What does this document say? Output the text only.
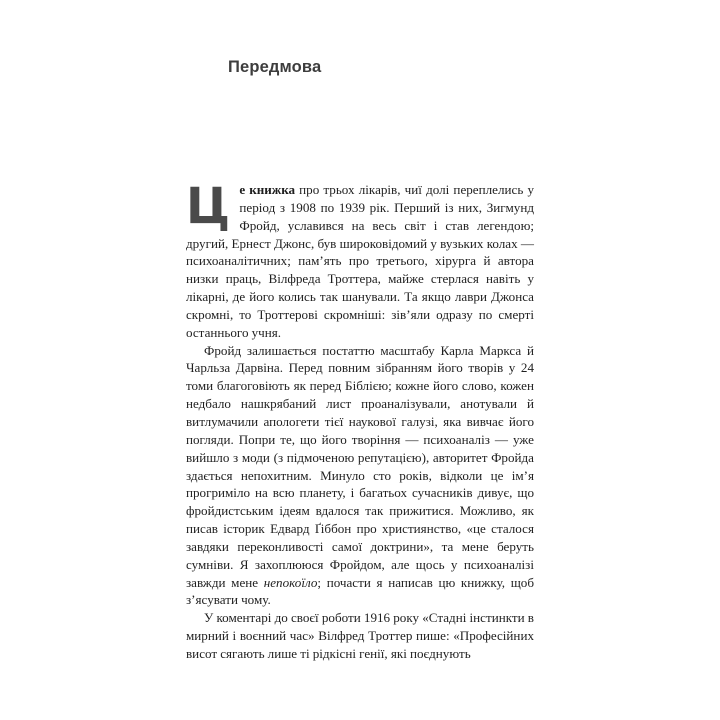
Передмова

Це книжка про трьох лікарів, чиї долі переплелись у період з 1908 по 1939 рік. Перший із них, Зигмунд Фройд, уславився на весь світ і став легендою; другий, Ернест Джонс, був широковідомий у вузьких колах — психоаналітичних; пам’ять про третього, хірурга й автора низки праць, Вілфреда Троттера, майже стерлася навіть у лікарні, де його колись так шанували. Та якщо лаври Джонса скромні, то Троттерові скромніші: зів’яли одразу по смерті останнього учня.

Фройд залишається постаттю масштабу Карла Маркса й Чарльза Дарвіна. Перед повним зібранням його творів у 24 томи благоговіють як перед Біблією; кожне його слово, кожен недбало нашкрябаний лист проаналізували, анотували й витлумачили апологети тієї наукової галузі, яка вивчає його погляди. Попри те, що його творіння — психоаналіз — уже вийшло з моди (з підмоченою репутацією), авторитет Фройда здається непохитним. Минуло сто років, відколи це ім’я прогриміло на всю планету, і багатьох сучасників дивує, що фройдистським ідеям вдалося так прижитися. Можливо, як писав історик Едвард Ґіббон про християнство, «це сталося завдяки переконливості самої доктрини», та мене беруть сумніви. Я захоплююся Фройдом, але щось у психоаналізі завжди мене непокоїло; почасти я написав цю книжку, щоб з’ясувати чому.

У коментарі до своєї роботи 1916 року «Стадні інстинкти в мирний і воєнний час» Вілфред Троттер пише: «Професійних висот сягають лише ті рідкісні генії, які поєднують
